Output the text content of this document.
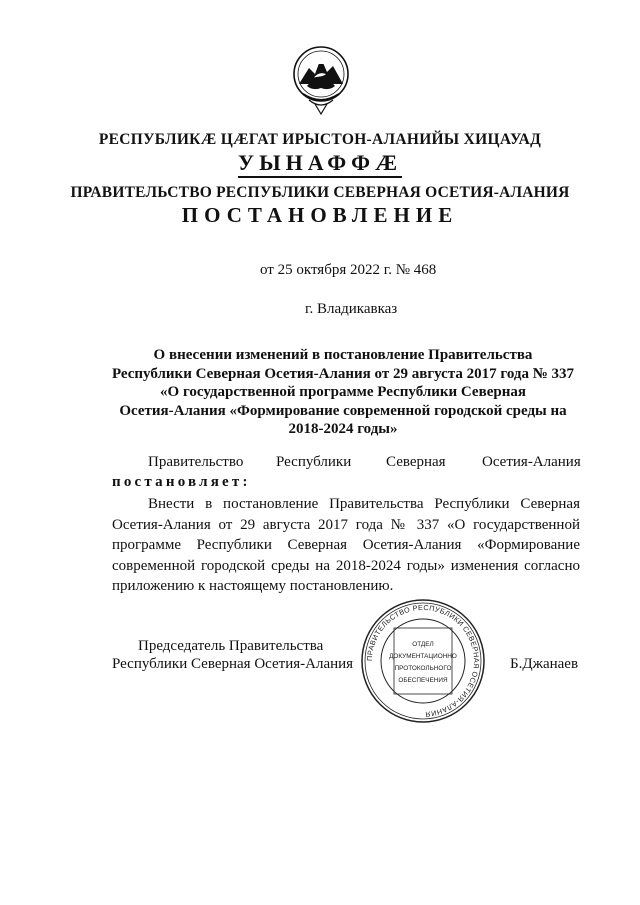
РЕСПУБЛИКÆ ЦÆГАТ ИРЫСТОН-АЛАНИЙЫ ХИЦАУАД
УЫНАФФÆ
ПРАВИТЕЛЬСТВО РЕСПУБЛИКИ СЕВЕРНАЯ ОСЕТИЯ-АЛАНИЯ
ПОСТАНОВЛЕНИЕ
от 25 октября 2022 г. № 468
г. Владикавказ
О внесении изменений в постановление Правительства
Республики Северная Осетия-Алания от 29 августа 2017 года № 337
«О государственной программе Республики Северная
Осетия-Алания «Формирование современной городской среды на
2018-2024 годы»
Правительство Республики Северная Осетия-Алания
постановляет:
Внести в постановление Правительства Республики Северная
Осетия-Алания от 29 августа 2017 года № 337 «О государственной
программе Республики Северная Осетия-Алания «Формирование
современной городской среды на 2018-2024 годы» изменения согласно
приложению к настоящему постановлению.
Председатель Правительства
Республики Северная Осетия-Алания	Б.Джанаев
ПРАВИТЕЛЬСТВО РЕСПУБЛИКИ СЕВЕРНАЯ ОСЕТИЯ-АЛАНИЯ
ОТДЕЛ
ДОКУМЕНТАЦИОННО
ПРОТОКОЛЬНОГО
ОБЕСПЕЧЕНИЯ
